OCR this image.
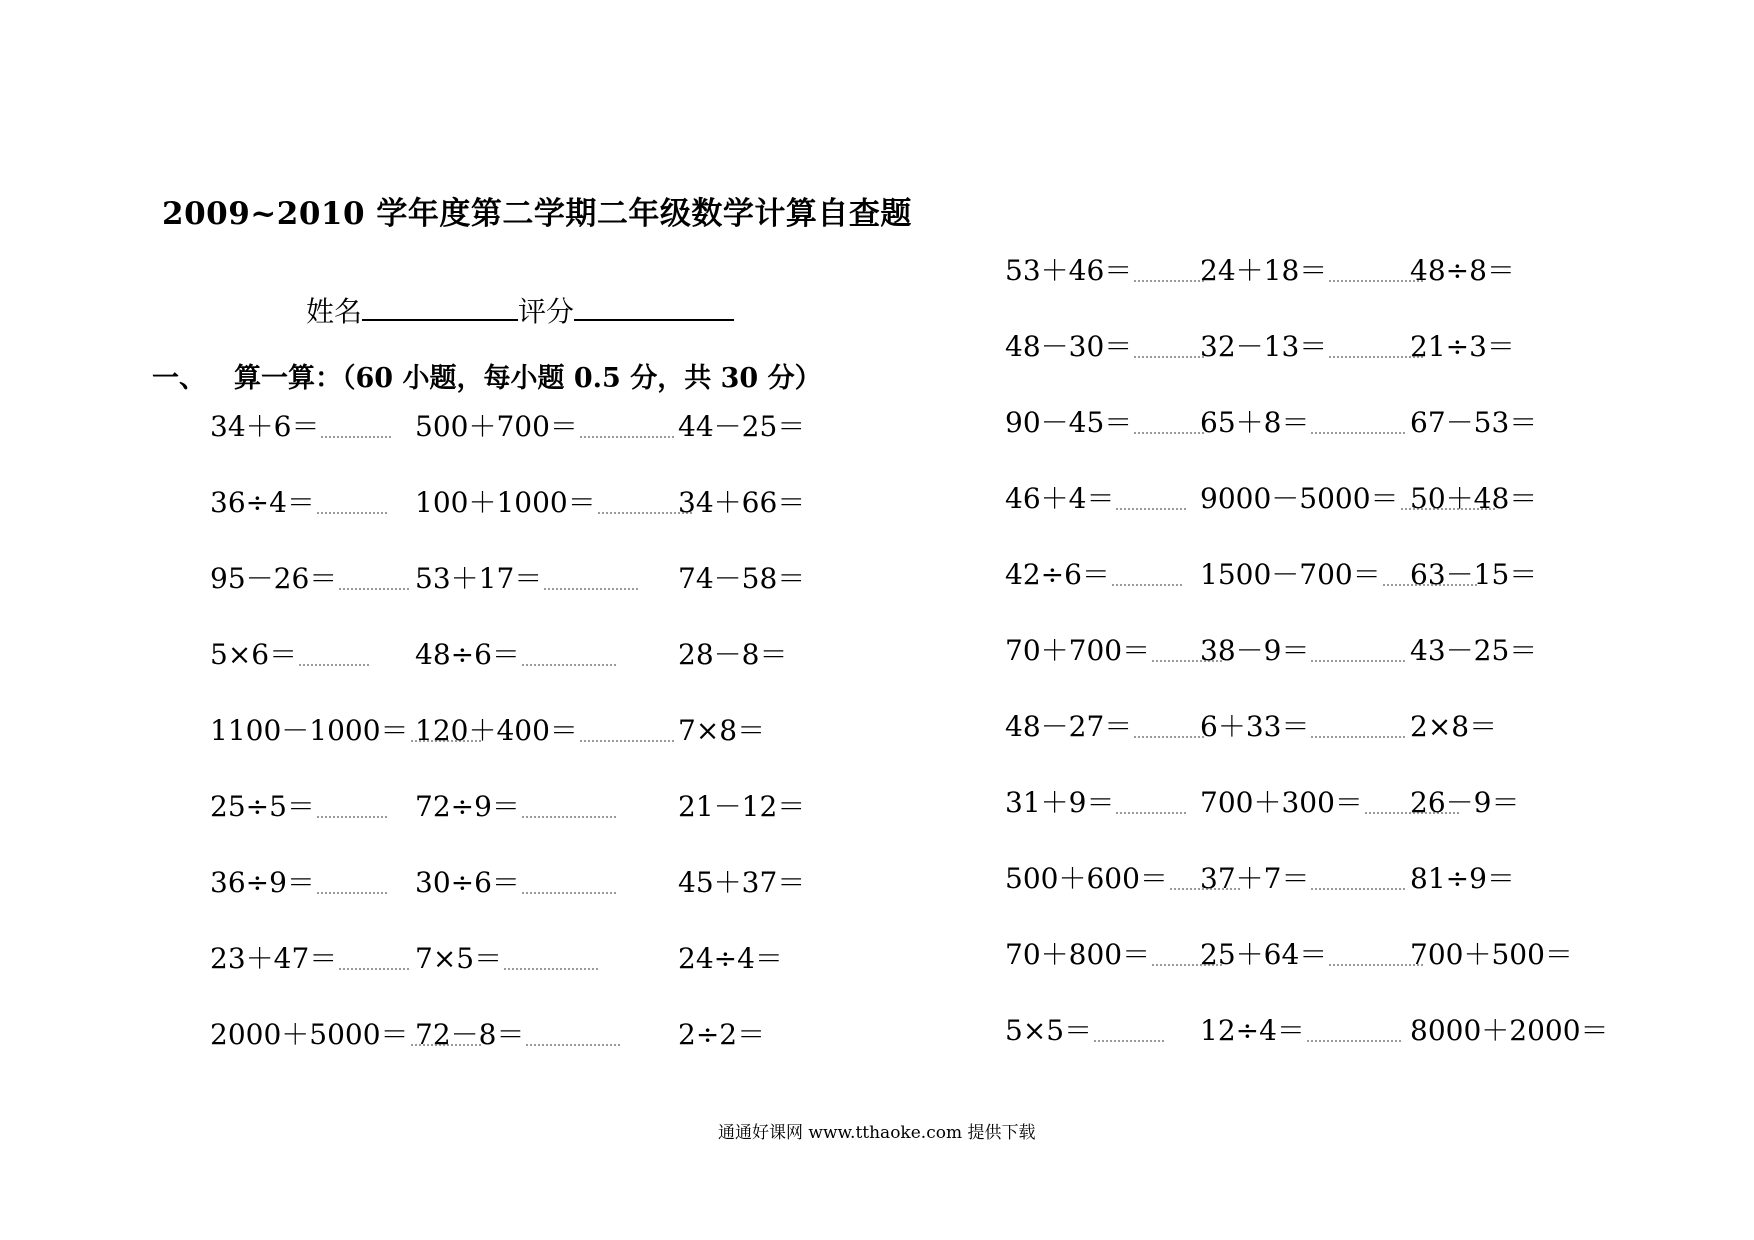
2009~2010 学年度第二学期二年级数学计算自查题
姓名	评分
一、 算一算：（60 小题，每小题 0.5 分，共 30 分）
34＋6＝	500＋700＝	44－25＝
36÷4＝	100＋1000＝	34＋66＝
95－26＝	53＋17＝	74－58＝
5×6＝	48÷6＝	28－8＝
1100－1000＝ 120＋400＝	7×8＝
25÷5＝	72÷9＝	21－12＝
36÷9＝	30÷6＝	45＋37＝
23＋47＝	7×5＝	24÷4＝
2000＋5000＝ 72－8＝	2÷2＝
53＋46＝ 24＋18＝	48÷8＝
48－30＝ 32－13＝	21÷3＝
90－45＝ 65＋8＝	67－53＝
46＋4＝	9000－5000＝ 50＋48＝
42÷6＝	1500－700＝ 63－15＝
70＋700＝ 38－9＝	43－25＝
48－27＝ 6＋33＝	2×8＝
31＋9＝	700＋300＝ 26－9＝
500＋600＝ 37＋7＝	81÷9＝
70＋800＝ 25＋64＝	700＋500＝
5×5＝	12÷4＝	8000＋2000＝
通通好课网 www.tthaoke.com 提供下载
